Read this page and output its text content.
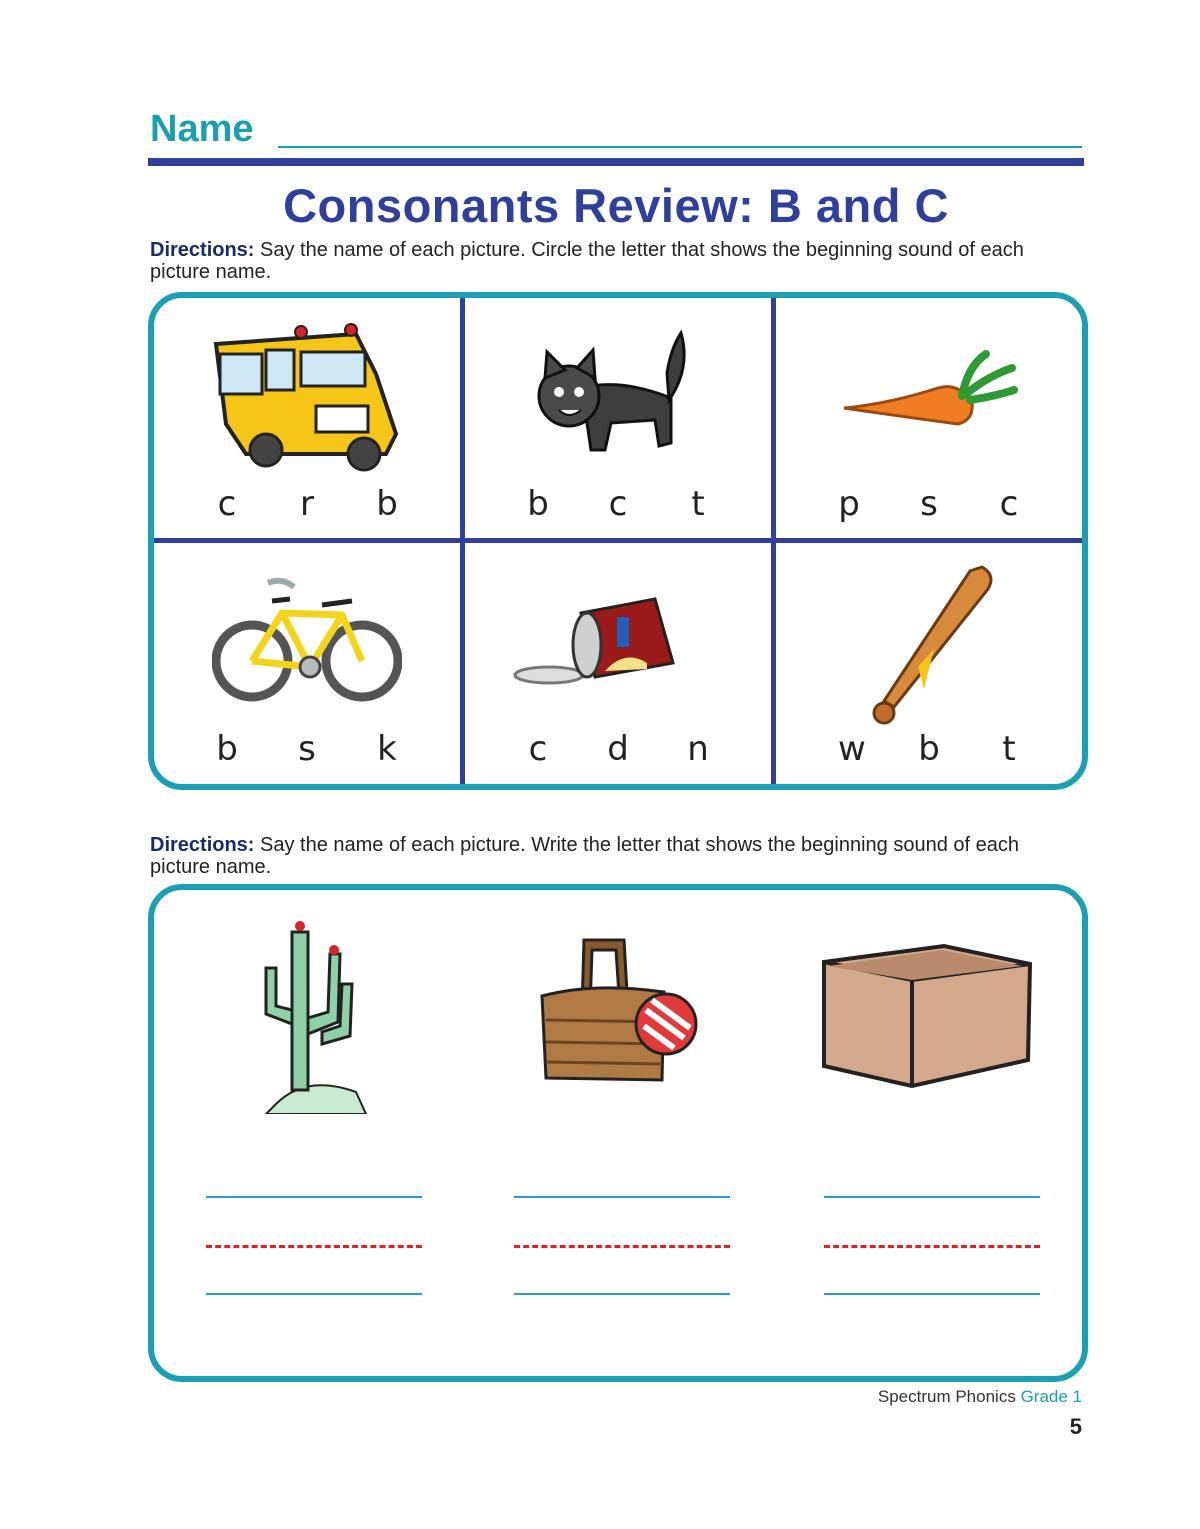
Name
Consonants Review: B and C
Directions: Say the name of each picture. Circle the letter that shows the beginning sound of each picture name.
c r b	b c t	p s c
b s k	c d n	w b t
Directions: Say the name of each picture. Write the letter that shows the beginning sound of each picture name.
Spectrum Phonics Grade 1
5
